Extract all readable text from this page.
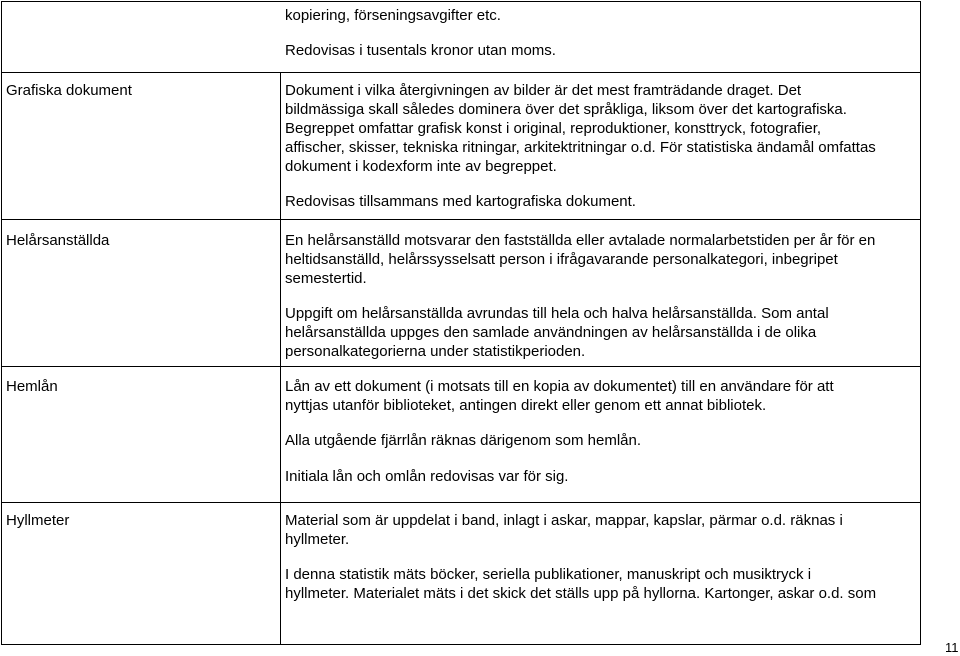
kopiering, förseningsavgifter etc.
Redovisas i tusentals kronor utan moms.
Grafiska dokument	Dokument i vilka återgivningen av bilder är det mest framträdande draget. Det
bildmässiga skall således dominera över det språkliga, liksom över det kartografiska.
Begreppet omfattar grafisk konst i original, reproduktioner, konsttryck, fotografier,
affischer, skisser, tekniska ritningar, arkitektritningar o.d. För statistiska ändamål omfattas
dokument i kodexform inte av begreppet.
Redovisas tillsammans med kartografiska dokument.
Helårsanställda	En helårsanställd motsvarar den fastställda eller avtalade normalarbetstiden per år för en
heltidsanställd, helårssysselsatt person i ifrågavarande personalkategori, inbegripet
semestertid.
Uppgift om helårsanställda avrundas till hela och halva helårsanställda. Som antal
helårsanställda uppges den samlade användningen av helårsanställda i de olika
personalkategorierna under statistikperioden.
Hemlån	Lån av ett dokument (i motsats till en kopia av dokumentet) till en användare för att
nyttjas utanför biblioteket, antingen direkt eller genom ett annat bibliotek.
Alla utgående fjärrlån räknas därigenom som hemlån.
Initiala lån och omlån redovisas var för sig.
Hyllmeter	Material som är uppdelat i band, inlagt i askar, mappar, kapslar, pärmar o.d. räknas i
hyllmeter.
I denna statistik mäts böcker, seriella publikationer, manuskript och musiktryck i
hyllmeter. Materialet mäts i det skick det ställs upp på hyllorna. Kartonger, askar o.d. som
11
